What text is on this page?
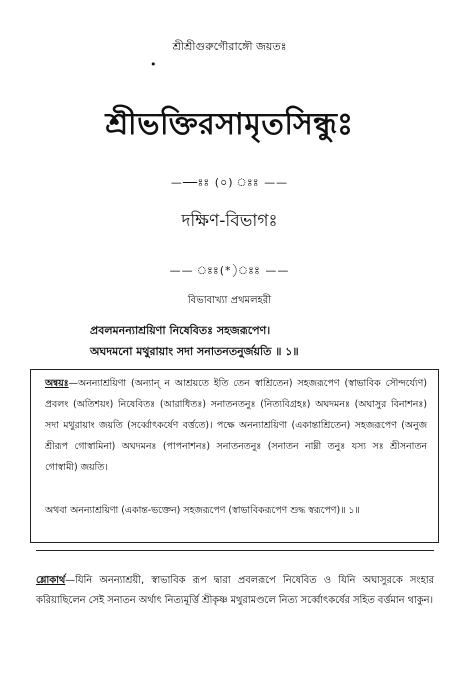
শ্রীশ্রীগুরুগৌরাঙ্গৌ জয়তঃ
•
শ্রীভক্তিরসামৃতসিন্ধুঃ
——ঃঃ (০) ঃঃ ——
দক্ষিণ-বিভাগঃ
—— ঃঃ(*)ঃঃ ——
বিভাবাখ্যা প্রথমলহরী
প্রবলমনন্যাশ্রয়িণা নিষেবিতঃ সহজরূপেণ।
অঘদমনো মথুরায়াং সদা সনাতনতনুর্জয়তি ॥ ১॥

অন্বয়ঃ—অনন্যাশ্রয়িণা (অন্যান্ ন আশ্রয়তে ইতি তেন স্বাশ্রিতেন) সহজরূপেণ (স্বাভাবিক সৌন্দর্য্যেণ) প্রবলং (অতিশয়ং) নিষেবিতঃ (আরাধিতঃ) সনাতনতনুঃ (নিত্যবিগ্রহঃ) অঘদমনঃ (অঘাসুর বিনাশনঃ) সদা মথুরায়াং জয়তি (সৰ্ব্বোৎকর্ষেণ বর্ত্ততে)। পক্ষে অনন্যাশ্রয়িণা (একান্তাশ্রিতেন) সহজরূপেণ (অনুজ শ্রীরূপ গোস্বামিনা) অঘদমনঃ (পাপনাশনঃ) সনাতনতনুঃ (সনাতন নাম্নী তনুঃ যস্য সঃ শ্রীসনাতন গোস্বামী) জয়তি।

অথবা অনন্যাশ্রয়িণা (একান্ত-ভক্তেন) সহজরূপেণ (স্বাভাবিকরূপেণ শুদ্ধ স্বরূপেণ)॥ ১॥

শ্লোকার্থ—যিনি অনন্যাশ্রয়ী, স্বাভাবিক রূপ দ্বারা প্রবলরূপে নিষেবিত ও যিনি অঘাসুরকে সংহার করিয়াছিলেন সেই সনাতন অর্থাৎ নিত্যমূর্ত্তি শ্রীকৃষ্ণ মথুরামণ্ডলে নিত্য সৰ্ব্বোৎকর্ষের সহিত বর্ত্তমান থাকুন।
